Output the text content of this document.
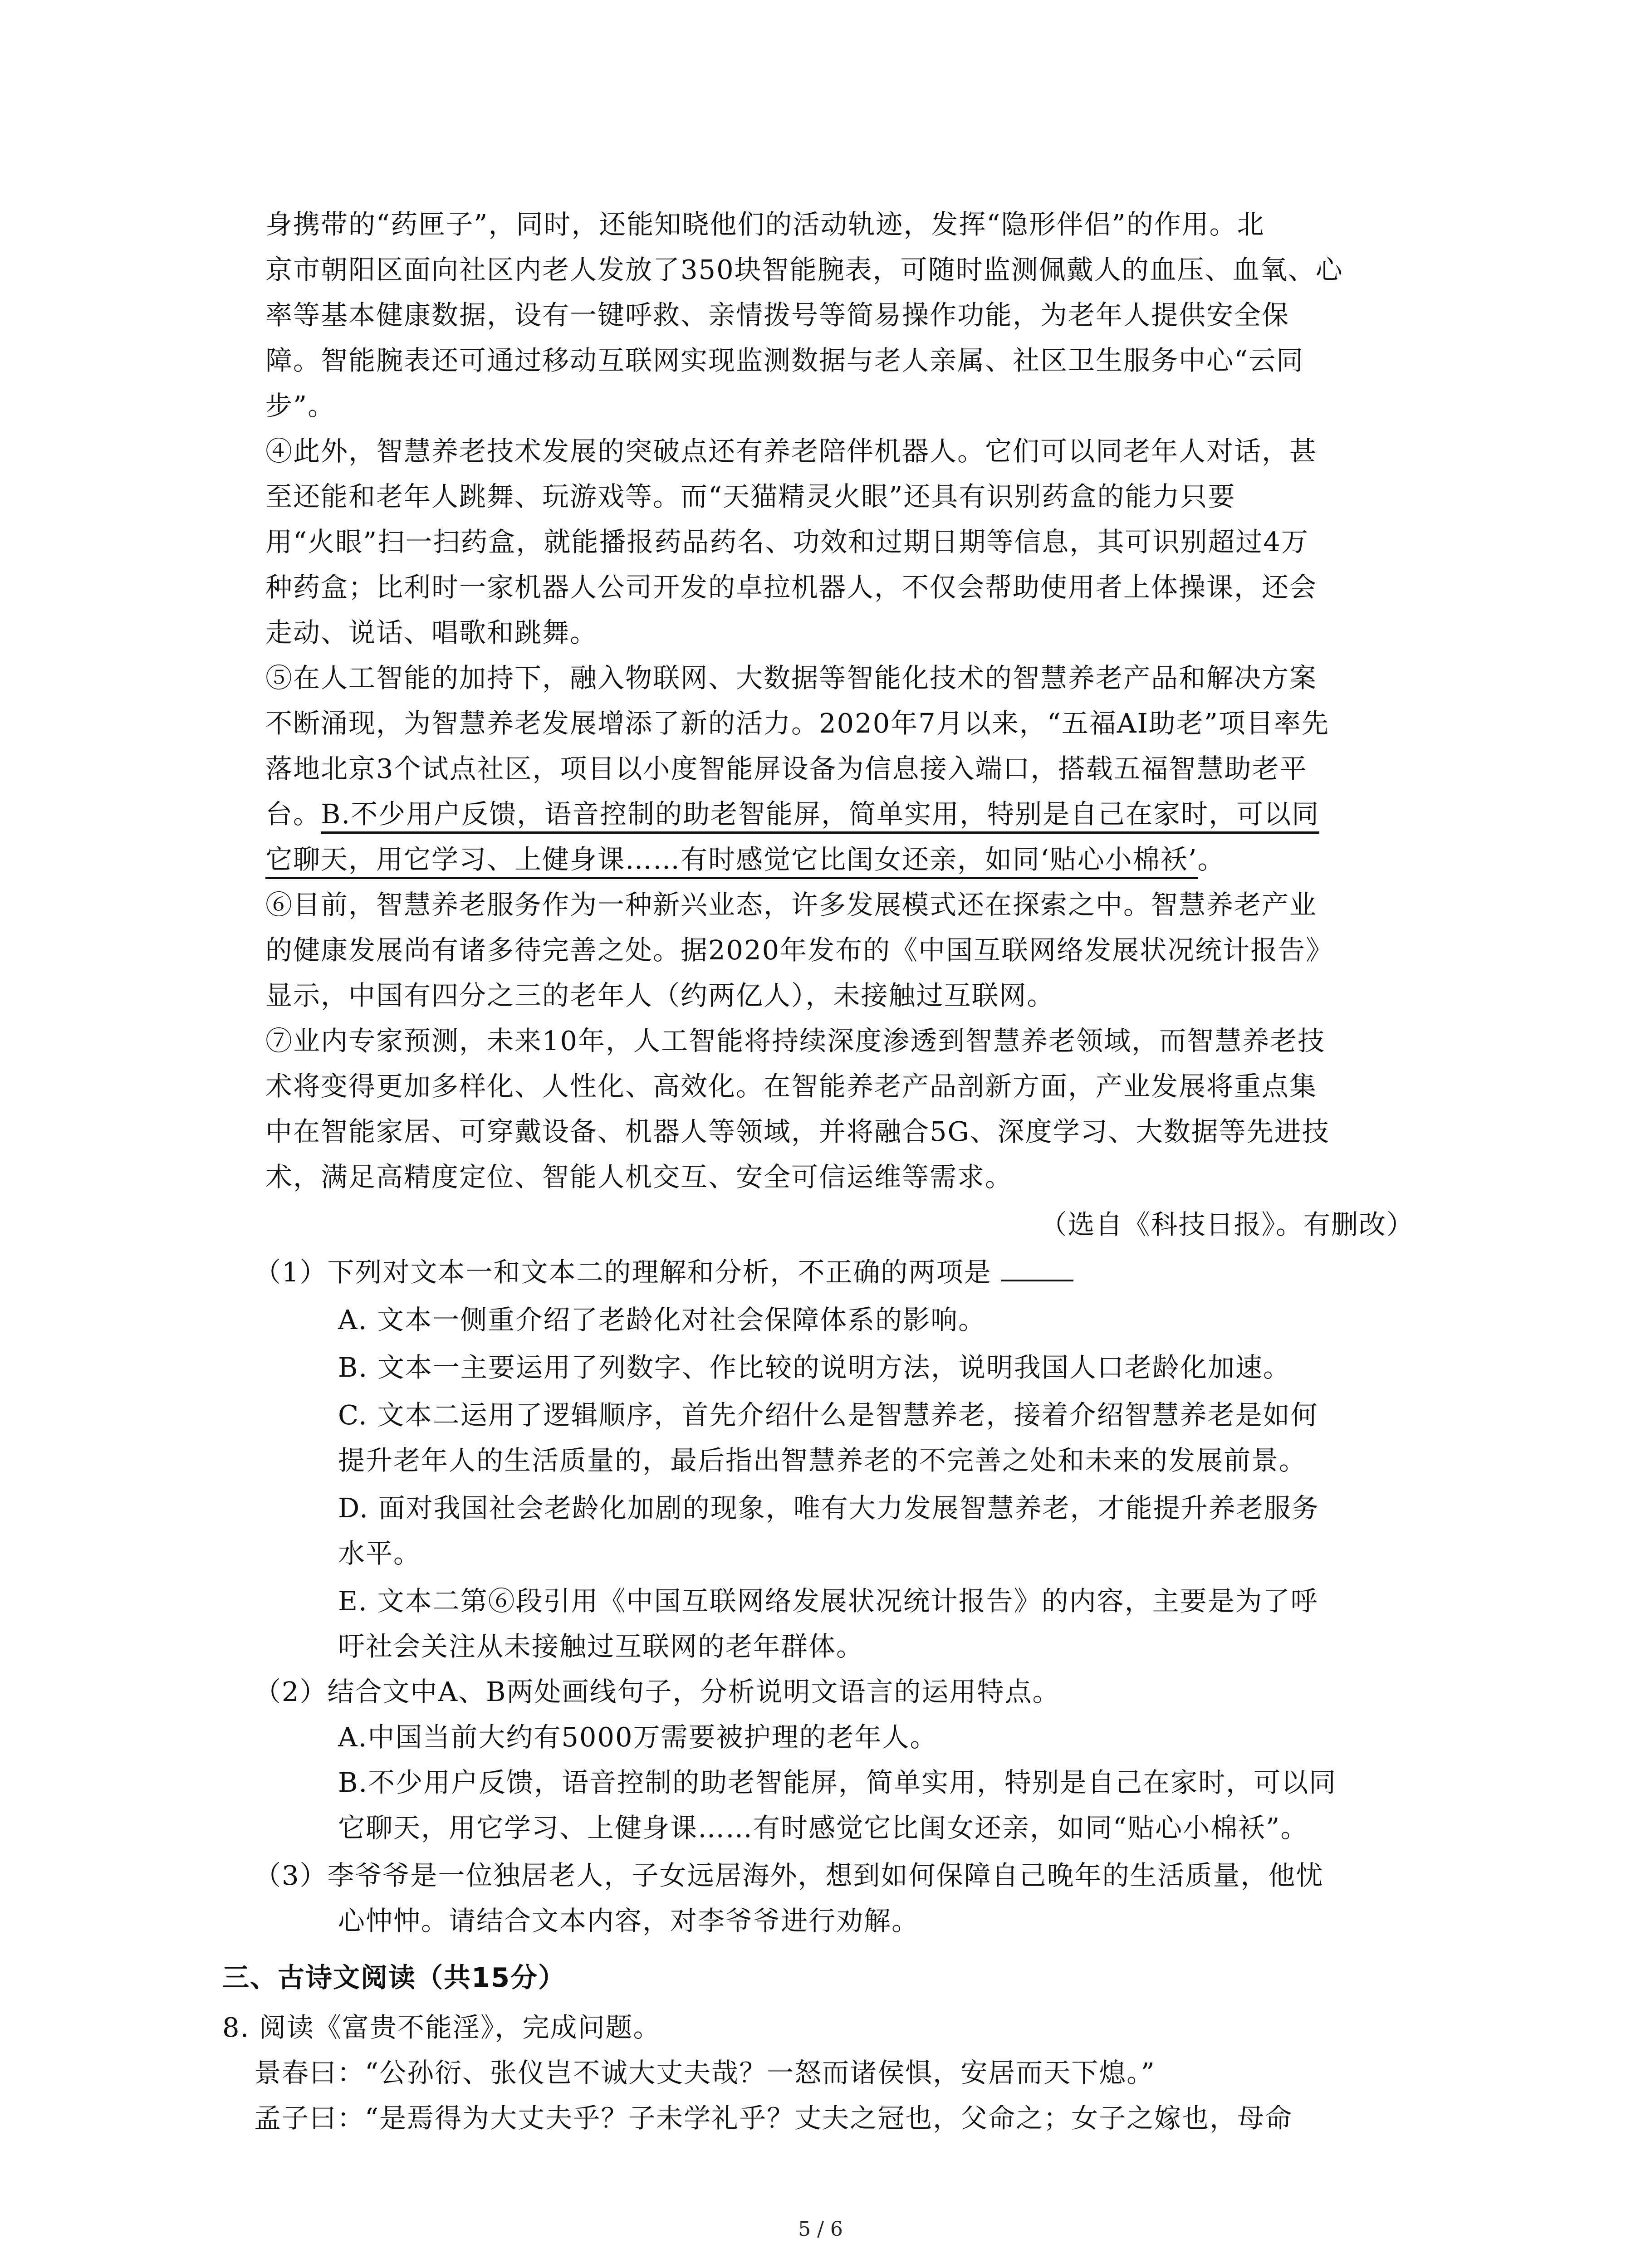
身携带的“药匣子”，同时，还能知晓他们的活动轨迹，发挥“隐形伴侣”的作用。北
京市朝阳区面向社区内老人发放了350块智能腕表，可随时监测佩戴人的血压、血氧、心
率等基本健康数据，设有一键呼救、亲情拨号等简易操作功能，为老年人提供安全保
障。智能腕表还可通过移动互联网实现监测数据与老人亲属、社区卫生服务中心“云同
步”。
④此外，智慧养老技术发展的突破点还有养老陪伴机器人。它们可以同老年人对话，甚
至还能和老年人跳舞、玩游戏等。而“天猫精灵火眼”还具有识别药盒的能力只要
用“火眼”扫一扫药盒，就能播报药品药名、功效和过期日期等信息，其可识别超过4万
种药盒；比利时一家机器人公司开发的卓拉机器人，不仅会帮助使用者上体操课，还会
走动、说话、唱歌和跳舞。
⑤在人工智能的加持下，融入物联网、大数据等智能化技术的智慧养老产品和解决方案
不断涌现，为智慧养老发展增添了新的活力。2020年7月以来，“五福AI助老”项目率先
落地北京3个试点社区，项目以小度智能屏设备为信息接入端口，搭载五福智慧助老平
台。B.不少用户反馈，语音控制的助老智能屏，简单实用，特别是自己在家时，可以同
它聊天，用它学习、上健身课……有时感觉它比闺女还亲，如同‘贴心小棉袄’。
⑥目前，智慧养老服务作为一种新兴业态，许多发展模式还在探索之中。智慧养老产业
的健康发展尚有诸多待完善之处。据2020年发布的《中国互联网络发展状况统计报告》
显示，中国有四分之三的老年人（约两亿人），未接触过互联网。
⑦业内专家预测，未来10年，人工智能将持续深度渗透到智慧养老领域，而智慧养老技
术将变得更加多样化、人性化、高效化。在智能养老产品剖新方面，产业发展将重点集
中在智能家居、可穿戴设备、机器人等领域，并将融合5G、深度学习、大数据等先进技
术，满足高精度定位、智能人机交互、安全可信运维等需求。
（选自《科技日报》。有删改）
（1）下列对文本一和文本二的理解和分析，不正确的两项是
A. 文本一侧重介绍了老龄化对社会保障体系的影响。
B. 文本一主要运用了列数字、作比较的说明方法，说明我国人口老龄化加速。
C. 文本二运用了逻辑顺序，首先介绍什么是智慧养老，接着介绍智慧养老是如何
提升老年人的生活质量的，最后指出智慧养老的不完善之处和未来的发展前景。
D. 面对我国社会老龄化加剧的现象，唯有大力发展智慧养老，才能提升养老服务
水平。
E. 文本二第⑥段引用《中国互联网络发展状况统计报告》的内容，主要是为了呼
吁社会关注从未接触过互联网的老年群体。
（2）结合文中A、B两处画线句子，分析说明文语言的运用特点。
A.中国当前大约有5000万需要被护理的老年人。
B.不少用户反馈，语音控制的助老智能屏，简单实用，特别是自己在家时，可以同
它聊天，用它学习、上健身课……有时感觉它比闺女还亲，如同“贴心小棉袄”。
（3）李爷爷是一位独居老人，子女远居海外，想到如何保障自己晚年的生活质量，他忧
心忡忡。请结合文本内容，对李爷爷进行劝解。
三、古诗文阅读（共15分）
8. 阅读《富贵不能淫》，完成问题。
景春曰：“公孙衍、张仪岂不诚大丈夫哉？一怒而诸侯惧，安居而天下熄。”
孟子曰：“是焉得为大丈夫乎？子未学礼乎？丈夫之冠也，父命之；女子之嫁也，母命
5 / 6
